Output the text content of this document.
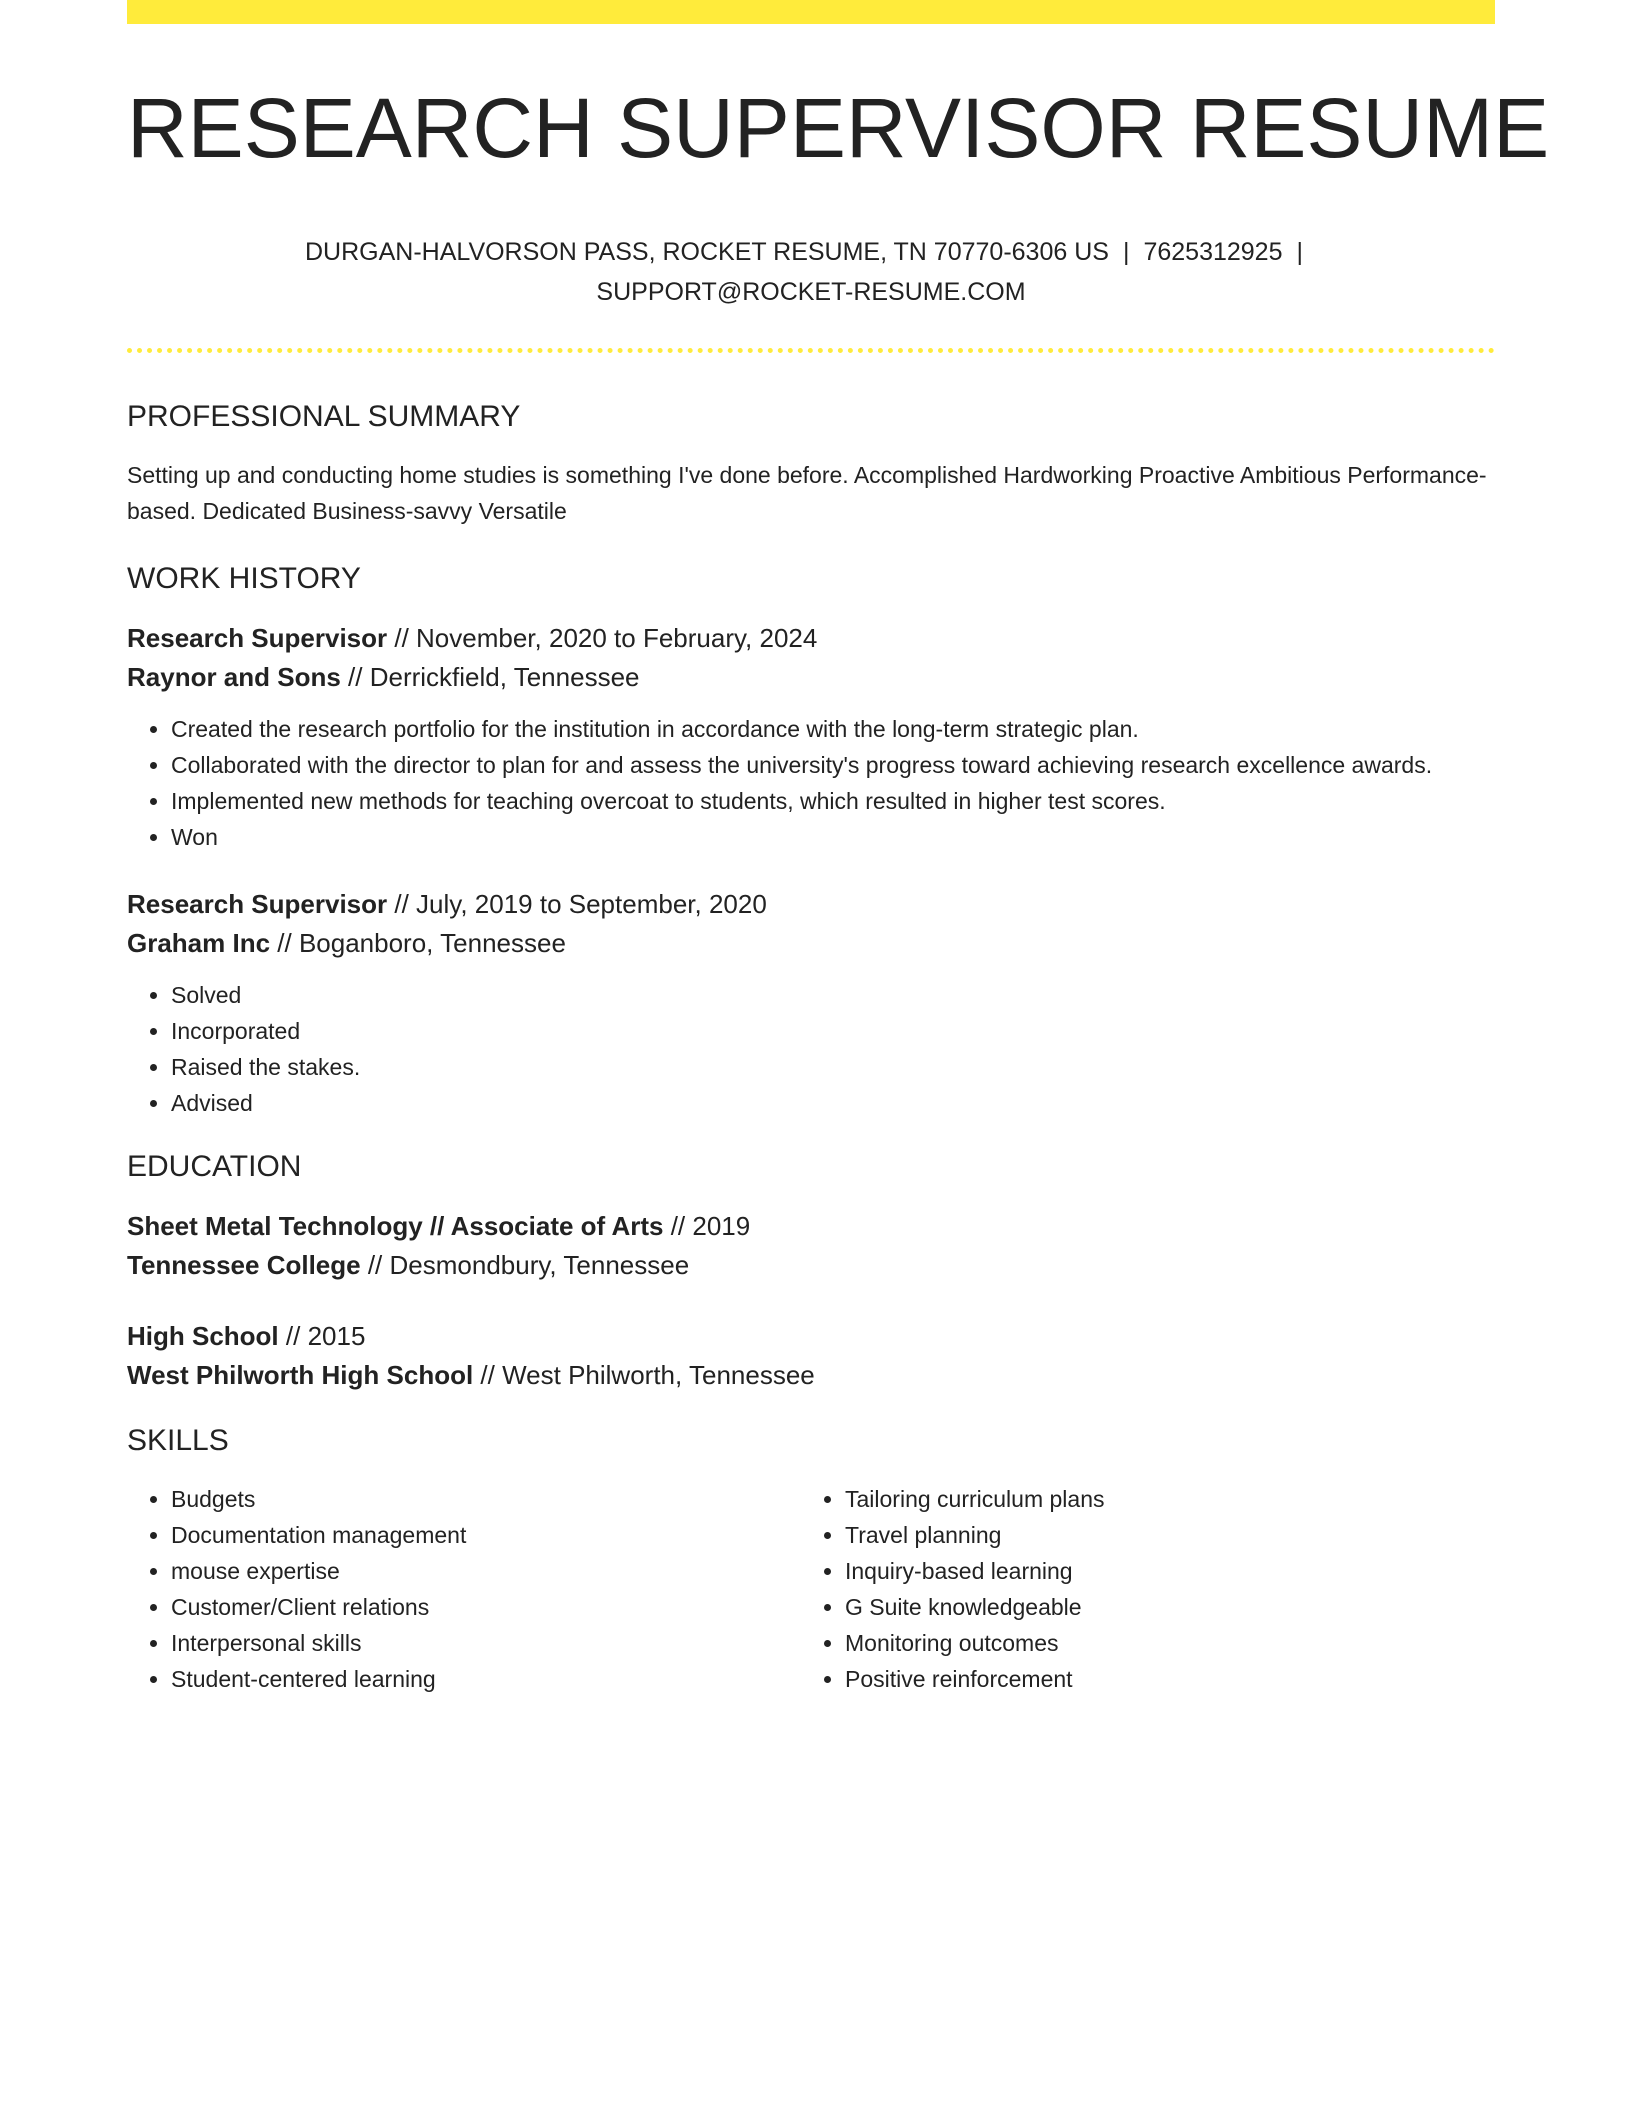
RESEARCH SUPERVISOR RESUME
DURGAN-HALVORSON PASS, ROCKET RESUME, TN 70770-6306 US | 7625312925 |
SUPPORT@ROCKET-RESUME.COM
PROFESSIONAL SUMMARY
Setting up and conducting home studies is something I've done before. Accomplished Hardworking Proactive Ambitious Performance-based. Dedicated Business-savvy Versatile
WORK HISTORY
Research Supervisor // November, 2020 to February, 2024
Raynor and Sons // Derrickfield, Tennessee
• Created the research portfolio for the institution in accordance with the long-term strategic plan.
• Collaborated with the director to plan for and assess the university's progress toward achieving research excellence awards.
• Implemented new methods for teaching overcoat to students, which resulted in higher test scores.
• Won
Research Supervisor // July, 2019 to September, 2020
Graham Inc // Boganboro, Tennessee
• Solved
• Incorporated
• Raised the stakes.
• Advised
EDUCATION
Sheet Metal Technology // Associate of Arts // 2019
Tennessee College // Desmondbury, Tennessee
High School // 2015
West Philworth High School // West Philworth, Tennessee
SKILLS
• Budgets
• Documentation management
• mouse expertise
• Customer/Client relations
• Interpersonal skills
• Student-centered learning
• Tailoring curriculum plans
• Travel planning
• Inquiry-based learning
• G Suite knowledgeable
• Monitoring outcomes
• Positive reinforcement
